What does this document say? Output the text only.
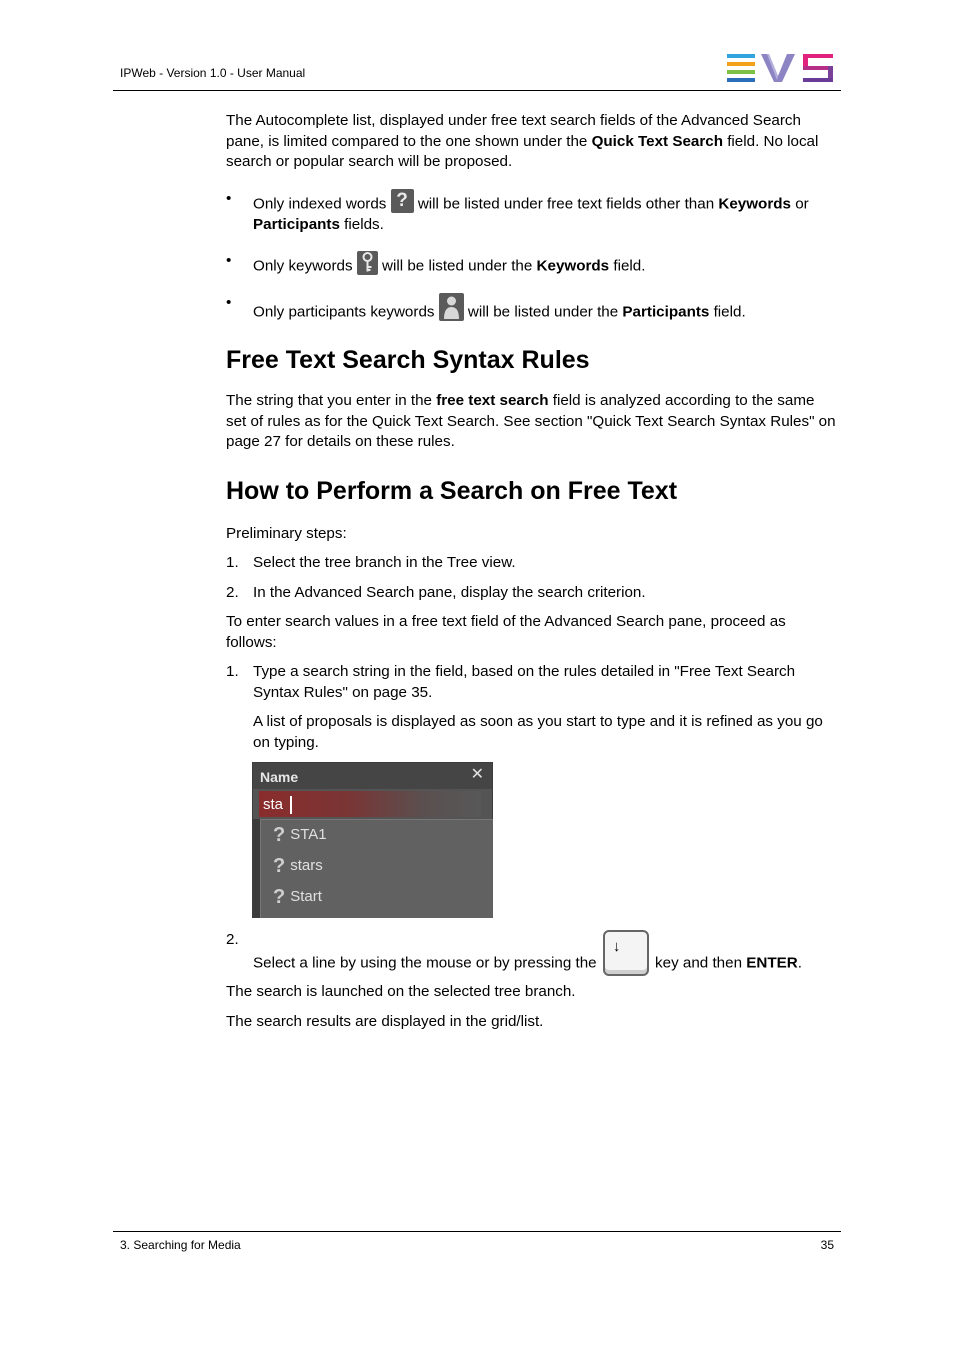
IPWeb - Version 1.0 - User Manual

The Autocomplete list, displayed under free text search fields of the Advanced Search pane, is limited compared to the one shown under the Quick Text Search field. No local search or popular search will be proposed.

• Only indexed words ? will be listed under free text fields other than Keywords or Participants fields.
• Only keywords  will be listed under the Keywords field.
•
Only participants keywords  will be listed under the Participants field.
Free Text Search Syntax Rules

The string that you enter in the free text search field is analyzed according to the same set of rules as for the Quick Text Search. See section "Quick Text Search Syntax Rules" on page 27 for details on these rules.

How to Perform a Search on Free Text

Preliminary steps:

1. Select the tree branch in the Tree view.
2. In the Advanced Search pane, display the search criterion.

To enter search values in a free text field of the Advanced Search pane, proceed as follows:

1. Type a search string in the field, based on the rules detailed in "Free Text Search Syntax Rules" on page 35.
A list of proposals is displayed as soon as you start to type and it is refined as you go on typing.
Name	✕
sta
? STA1
? stars
? Start
2.
Select a line by using the mouse or by pressing the
↓
key and then ENTER.

The search is launched on the selected tree branch.

The search results are displayed in the grid/list.

3. Searching for Media	35
